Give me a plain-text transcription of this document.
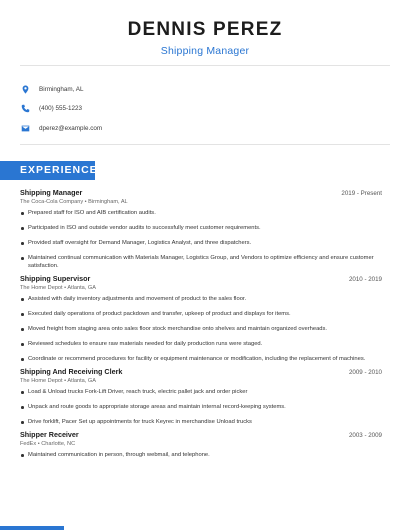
DENNIS PEREZ
Shipping Manager
Birmingham, AL
(400) 555-1223
dperez@example.com
EXPERIENCE
Shipping Manager	2019 - Present
The Coca-Cola Company • Birmingham, AL
Prepared staff for ISO and AIB certification audits.
Participated in ISO and outside vendor audits to successfully meet customer requirements.
Provided staff oversight for Demand Manager, Logistics Analyst, and three dispatchers.
Maintained continual communication with Materials Manager, Logistics Group, and Vendors to optimize efficiency and ensure customer satisfaction.
Shipping Supervisor	2010 - 2019
The Home Depot • Atlanta, GA
Assisted with daily inventory adjustments and movement of product to the sales floor.
Executed daily operations of product packdown and transfer, upkeep of product and displays for items.
Moved freight from staging area onto sales floor stock merchandise onto shelves and maintain organized overheads.
Reviewed schedules to ensure raw materials needed for daily production runs were staged.
Coordinate or recommend procedures for facility or equipment maintenance or modification, including the replacement of machines.
Shipping And Receiving Clerk	2009 - 2010
The Home Depot • Atlanta, GA
Load & Unload trucks Fork-Lift Driver, reach truck, electric pallet jack and order picker
Unpack and route goods to appropriate storage areas and maintain internal record-keeping systems.
Drive forklift, Pacer Set up appointments for truck Keyrec in merchandise Unload trucks
Shipper Receiver	2003 - 2009
FedEx • Charlotte, NC
Maintained communication in person, through webmail, and telephone.
